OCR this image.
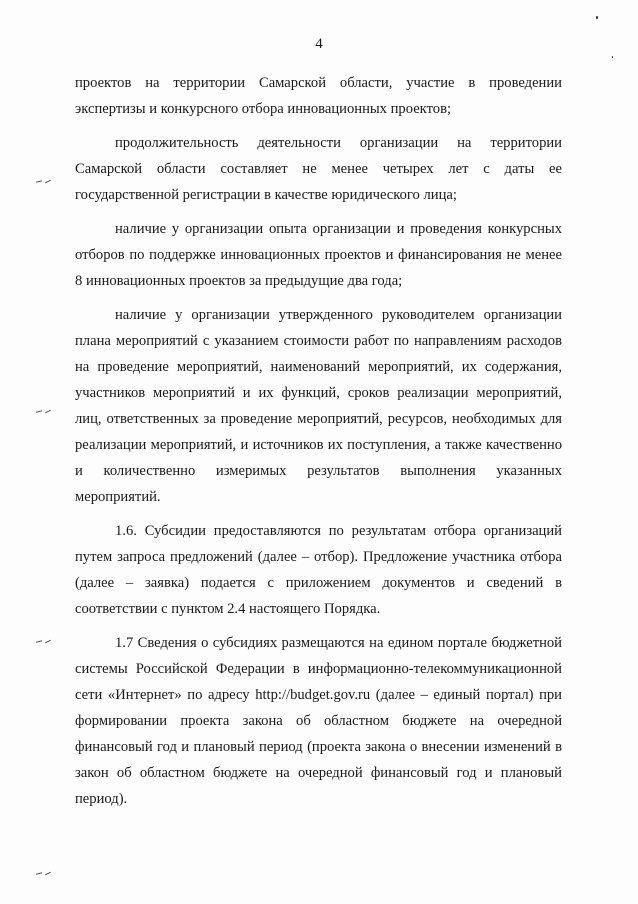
4

проектов на территории Самарской области, участие в проведении экспертизы и конкурсного отбора инновационных проектов;

продолжительность деятельности организации на территории Самарской области составляет не менее четырех лет с даты ее государственной регистрации в качестве юридического лица;

наличие у организации опыта организации и проведения конкурсных отборов по поддержке инновационных проектов и финансирования не менее 8 инновационных проектов за предыдущие два года;

наличие у организации утвержденного руководителем организации плана мероприятий с указанием стоимости работ по направлениям расходов на проведение мероприятий, наименований мероприятий, их содержания, участников мероприятий и их функций, сроков реализации мероприятий, лиц, ответственных за проведение мероприятий, ресурсов, необходимых для реализации мероприятий, и источников их поступления, а также качественно и количественно измеримых результатов выполнения указанных мероприятий.

1.6. Субсидии предоставляются по результатам отбора организаций путем запроса предложений (далее – отбор). Предложение участника отбора (далее – заявка) подается с приложением документов и сведений в соответствии с пунктом 2.4 настоящего Порядка.

1.7 Сведения о субсидиях размещаются на едином портале бюджетной системы Российской Федерации в информационно-телекоммуникационной сети «Интернет» по адресу http://budget.gov.ru (далее – единый портал) при формировании проекта закона об областном бюджете на очередной финансовый год и плановый период (проекта закона о внесении изменений в закон об областном бюджете на очередной финансовый год и плановый период).
